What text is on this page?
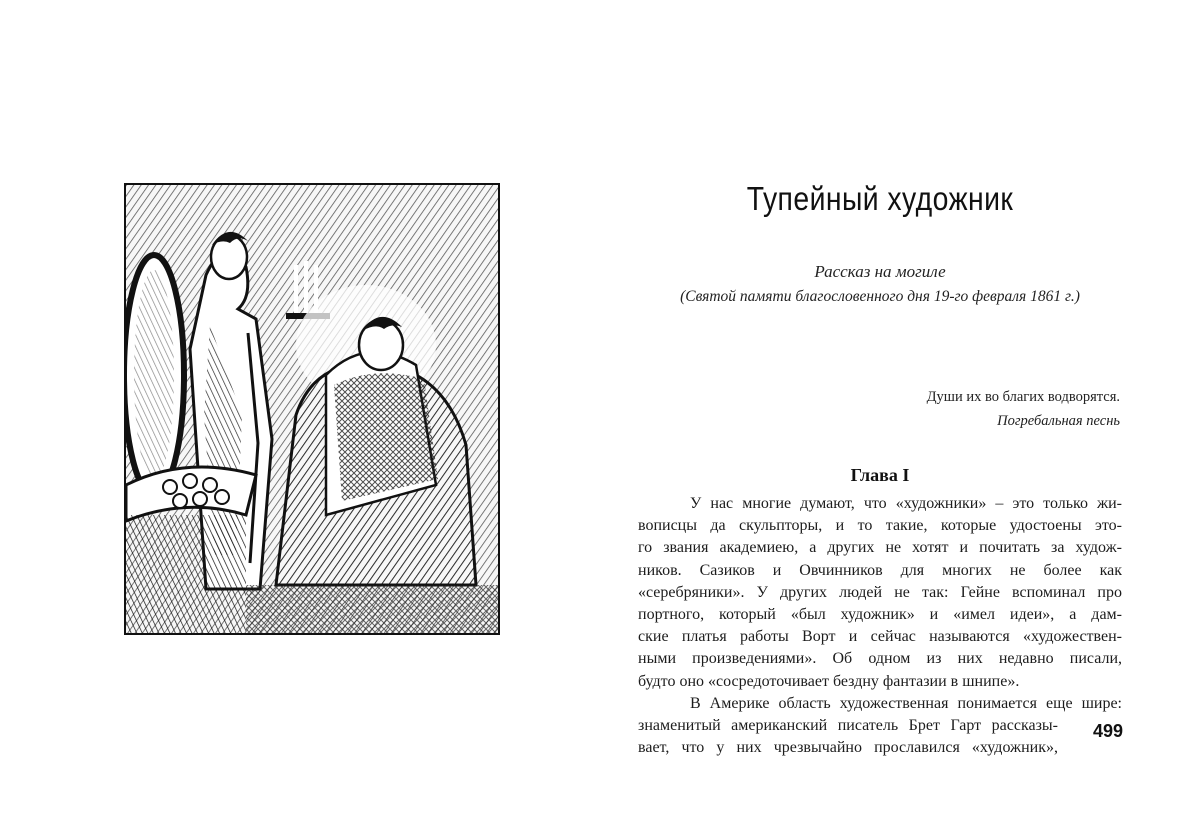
Тупейный художник

Рассказ на могиле

(Святой памяти благословенного дня 19-го февраля 1861 г.)

Души их во благих водворятся.

Погребальная песнь

Глава I
У нас многие думают, что «художники» – это только жи-
вописцы да скульпторы, и то такие, которые удостоены это-
го звания академиею, а других не хотят и почитать за худож-
ников. Сазиков и Овчинников для многих не более как
«серебряники». У других людей не так: Гейне вспоминал про
портного, который «был художник» и «имел идеи», а дам-
ские платья работы Ворт и сейчас называются «художествен-
ными произведениями». Об одном из них недавно писали,
будто оно «сосредоточивает бездну фантазии в шнипе».
В Америке область художественная понимается еще шире:
знаменитый американский писатель Брет Гарт рассказы-
вает, что у них чрезвычайно прославился «художник»,
499
